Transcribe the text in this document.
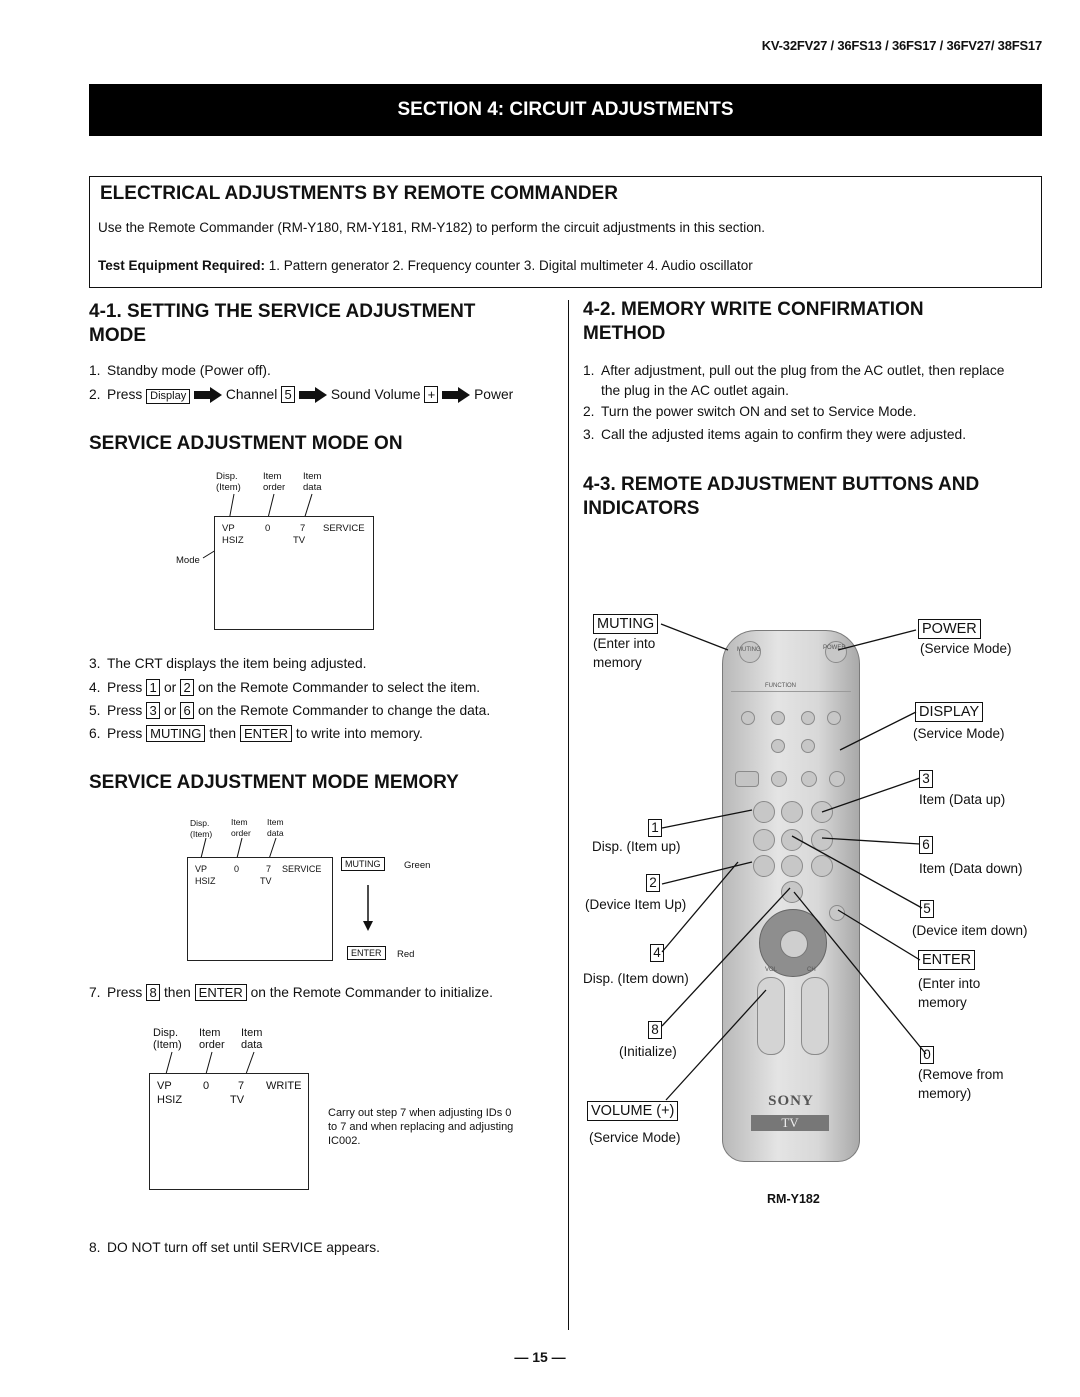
KV-32FV27 / 36FS13 / 36FS17 / 36FV27/ 38FS17
SECTION 4: CIRCUIT ADJUSTMENTS
ELECTRICAL ADJUSTMENTS BY REMOTE COMMANDER
Use the Remote Commander (RM-Y180, RM-Y181, RM-Y182) to perform the circuit adjustments in this section.
Test Equipment Required: 1. Pattern generator 2. Frequency counter 3. Digital multimeter 4. Audio oscillator
4-1. SETTING THE SERVICE ADJUSTMENT
MODE
1. Standby mode (Power off).
2. Press Display	Channel 5	Sound Volume +	Power
SERVICE ADJUSTMENT MODE ON
Disp.
(Item)
Item
order
Item
data
VP	0	7 SERVICE
HSIZ	TV
Mode
3. The CRT displays the item being adjusted.
4. Press 1 or 2 on the Remote Commander to select the item.
5. Press 3 or 6 on the Remote Commander to change the data.
6. Press MUTING then ENTER to write into memory.
SERVICE ADJUSTMENT MODE MEMORY
Disp.
(Item)
Item
order
Item
data
VP	0	7 SERVICE
HSIZ	TV
MUTING	Green
ENTER	Red
7. Press 8 then ENTER on the Remote Commander to initialize.
Disp.
(Item)
Item
order
Item
data
VP	0	7 WRITE
HSIZ	TV
Carry out step 7 when adjusting IDs 0 to 7 and when replacing and adjusting IC002.
8. DO NOT turn off set until SERVICE appears.
4-2. MEMORY WRITE CONFIRMATION
METHOD
1. After adjustment, pull out the plug from the AC outlet, then replace
the plug in the AC outlet again.
2. Turn the power switch ON and set to Service Mode.
3. Call the adjusted items again to confirm they were adjusted.
4-3. REMOTE ADJUSTMENT BUTTONS AND
INDICATORS
MUTING	POWER
FUNCTION
VOL	CH
SONY
TV
MUTING
(Enter into
memory
1
Disp. (Item up)
2
(Device Item Up)
4
Disp. (Item down)
8
(Initialize)
VOLUME (+)
(Service Mode)
POWER
(Service Mode)
DISPLAY
(Service Mode)
3
Item (Data up)
6
Item (Data down)
5
(Device item down)
ENTER
(Enter into
memory
0
(Remove from
memory)
RM-Y182
— 15 —
